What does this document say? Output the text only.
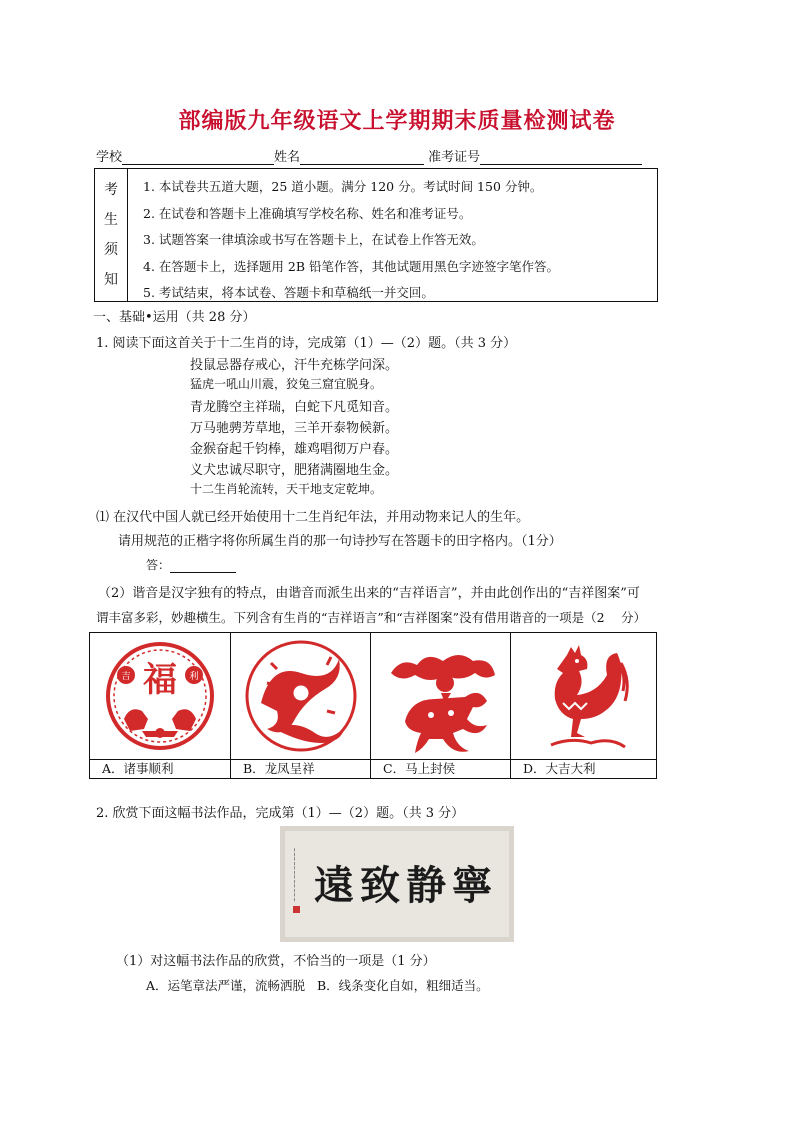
部编版九年级语文上学期期末质量检测试卷
学校	姓名	准考证号
考
生
须
知
1. 本试卷共五道大题，25 道小题。满分 120 分。考试时间 150 分钟。
2. 在试卷和答题卡上准确填写学校名称、姓名和准考证号。
3. 试题答案一律填涂或书写在答题卡上，在试卷上作答无效。
4. 在答题卡上，选择题用 2B 铅笔作答，其他试题用黑色字迹签字笔作答。
5. 考试结束，将本试卷、答题卡和草稿纸一并交回。
一、基础•运用（共 28 分）
1. 阅读下面这首关于十二生肖的诗，完成第（1）—（2）题。（共 3 分）
投鼠忌器存戒心，汗牛充栋学问深。
猛虎一吼山川震，狡兔三窟宜脱身。
青龙腾空主祥瑞，白蛇下凡觅知音。
万马驰骋芳草地，三羊开泰物候新。
金猴奋起千钧棒，雄鸡唱彻万户春。
义犬忠诚尽职守，肥猪满圈地生金。
十二生肖轮流转，天干地支定乾坤。
⑴ 在汉代中国人就已经开始使用十二生肖纪年法，并用动物来记人的生年。
请用规范的正楷字将你所属生肖的那一句诗抄写在答题卡的田字格内。（1分）
答：
（2）谐音是汉字独有的特点，由谐音而派生出来的“吉祥语言”，并由此创作出的“吉祥图案”可
谓丰富多彩，妙趣横生。下列含有生肖的“吉祥语言”和“吉祥图案”没有借用谐音的一项是（2　 分）
福
吉	利
A．诸事顺利	B．龙凤呈祥	C．马上封侯	D．大吉大利
2. 欣赏下面这幅书法作品，完成第（1）—（2）题。（共 3 分）
╎
╎
╎
╎
╎
╎ 遠致静寧
（1）对这幅书法作品的欣赏，不恰当的一项是（1 分）
A．运笔章法严谨，流畅洒脱 B．线条变化自如，粗细适当。
